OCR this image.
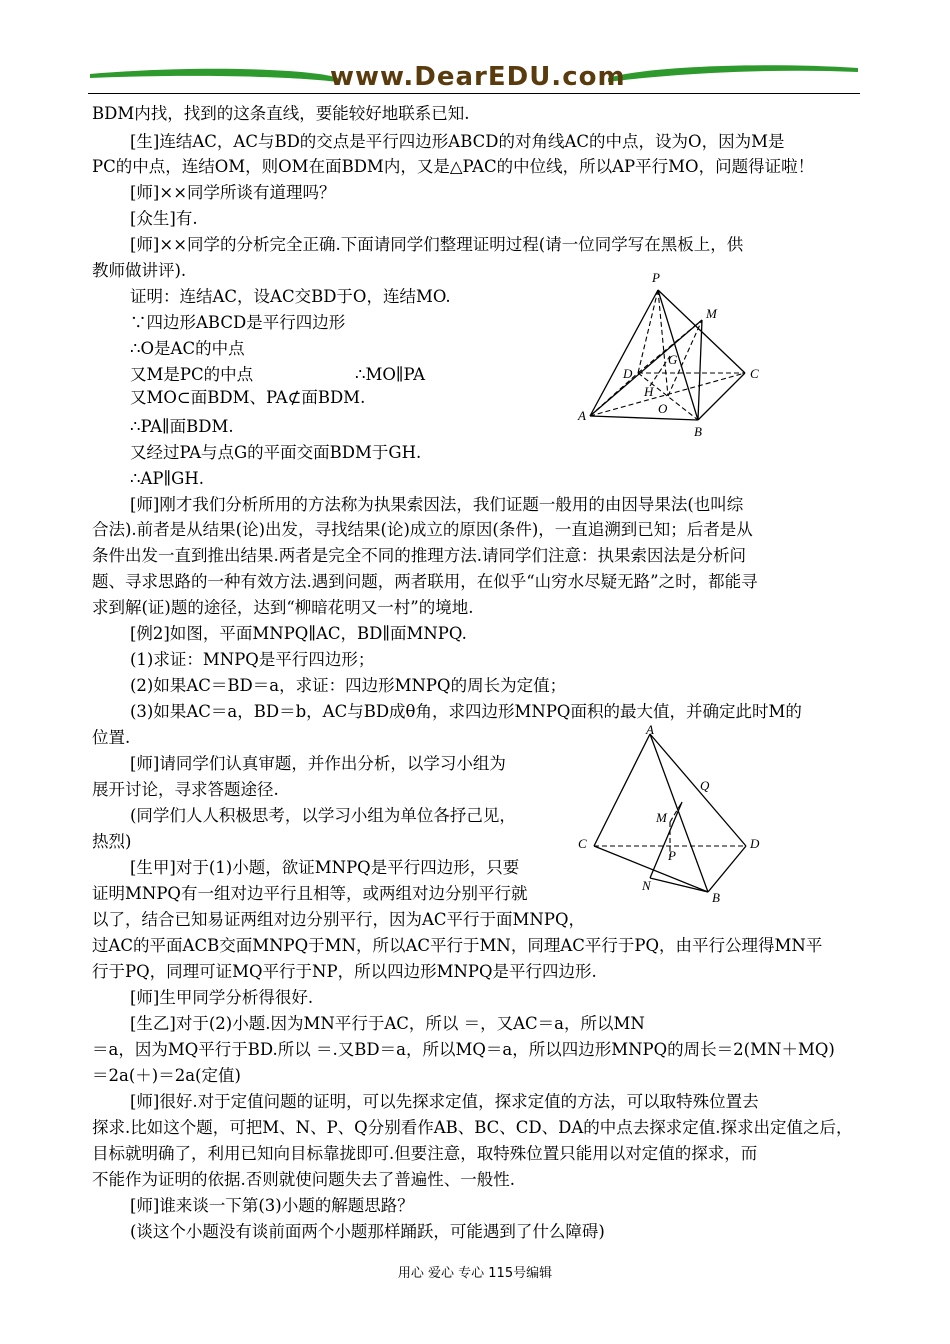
www.DearEDU.com
BDM内找，找到的这条直线，要能较好地联系已知.
[生]连结AC，AC与BD的交点是平行四边形ABCD的对角线AC的中点，设为O，因为M是
PC的中点，连结OM，则OM在面BDM内，又是△PAC的中位线，所以AP平行MO，问题得证啦！
[师]××同学所谈有道理吗？
[众生]有.
[师]××同学的分析完全正确.下面请同学们整理证明过程(请一位同学写在黑板上，供
教师做讲评).
证明：连结AC，设AC交BD于O，连结MO.
∵四边形ABCD是平行四边形
∴O是AC的中点
又M是PC的中点	∴MO∥PA
又MO⊂面BDM、PA⊄面BDM.
∴PA∥面BDM.
又经过PA与点G的平面交面BDM于GH.
∴AP∥GH.
[师]刚才我们分析所用的方法称为执果索因法，我们证题一般用的由因导果法(也叫综
合法).前者是从结果(论)出发，寻找结果(论)成立的原因(条件)，一直追溯到已知；后者是从
条件出发一直到推出结果.两者是完全不同的推理方法.请同学们注意：执果索因法是分析问
题、寻求思路的一种有效方法.遇到问题，两者联用，在似乎“山穷水尽疑无路”之时，都能寻
求到解(证)题的途径，达到“柳暗花明又一村”的境地.
[例2]如图，平面MNPQ∥AC，BD∥面MNPQ.
(1)求证：MNPQ是平行四边形；
(2)如果AC＝BD＝a，求证：四边形MNPQ的周长为定值；
(3)如果AC＝a，BD＝b，AC与BD成θ角，求四边形MNPQ面积的最大值，并确定此时M的
位置.
[师]请同学们认真审题，并作出分析，以学习小组为
展开讨论，寻求答题途径.
(同学们人人积极思考，以学习小组为单位各抒己见，
热烈)
[生甲]对于(1)小题，欲证MNPQ是平行四边形，只要
证明MNPQ有一组对边平行且相等，或两组对边分别平行就
以了，结合已知易证两组对边分别平行，因为AC平行于面MNPQ，
过AC的平面ACB交面MNPQ于MN，所以AC平行于MN，同理AC平行于PQ，由平行公理得MN平
行于PQ，同理可证MQ平行于NP，所以四边形MNPQ是平行四边形.
[师]生甲同学分析得很好.
[生乙]对于(2)小题.因为MN平行于AC，所以 ＝，又AC＝a，所以MN
＝a，因为MQ平行于BD.所以 ＝.又BD＝a，所以MQ＝a，所以四边形MNPQ的周长＝2(MN＋MQ)
＝2a(＋)＝2a(定值)
[师]很好.对于定值问题的证明，可以先探求定值，探求定值的方法，可以取特殊位置去
探求.比如这个题，可把M、N、P、Q分别看作AB、BC、CD、DA的中点去探求定值.探求出定值之后，
目标就明确了，利用已知向目标靠拢即可.但要注意，取特殊位置只能用以对定值的探求，而
不能作为证明的依据.否则就使问题失去了普遍性、一般性.
[师]谁来谈一下第(3)小题的解题思路？
(谈这个小题没有谈前面两个小题那样踊跃，可能遇到了什么障碍)
P
M
G
D	C
H
O
A
B
A
Q
M
C
P
D
N
B
用心 爱心 专心 115号编辑
